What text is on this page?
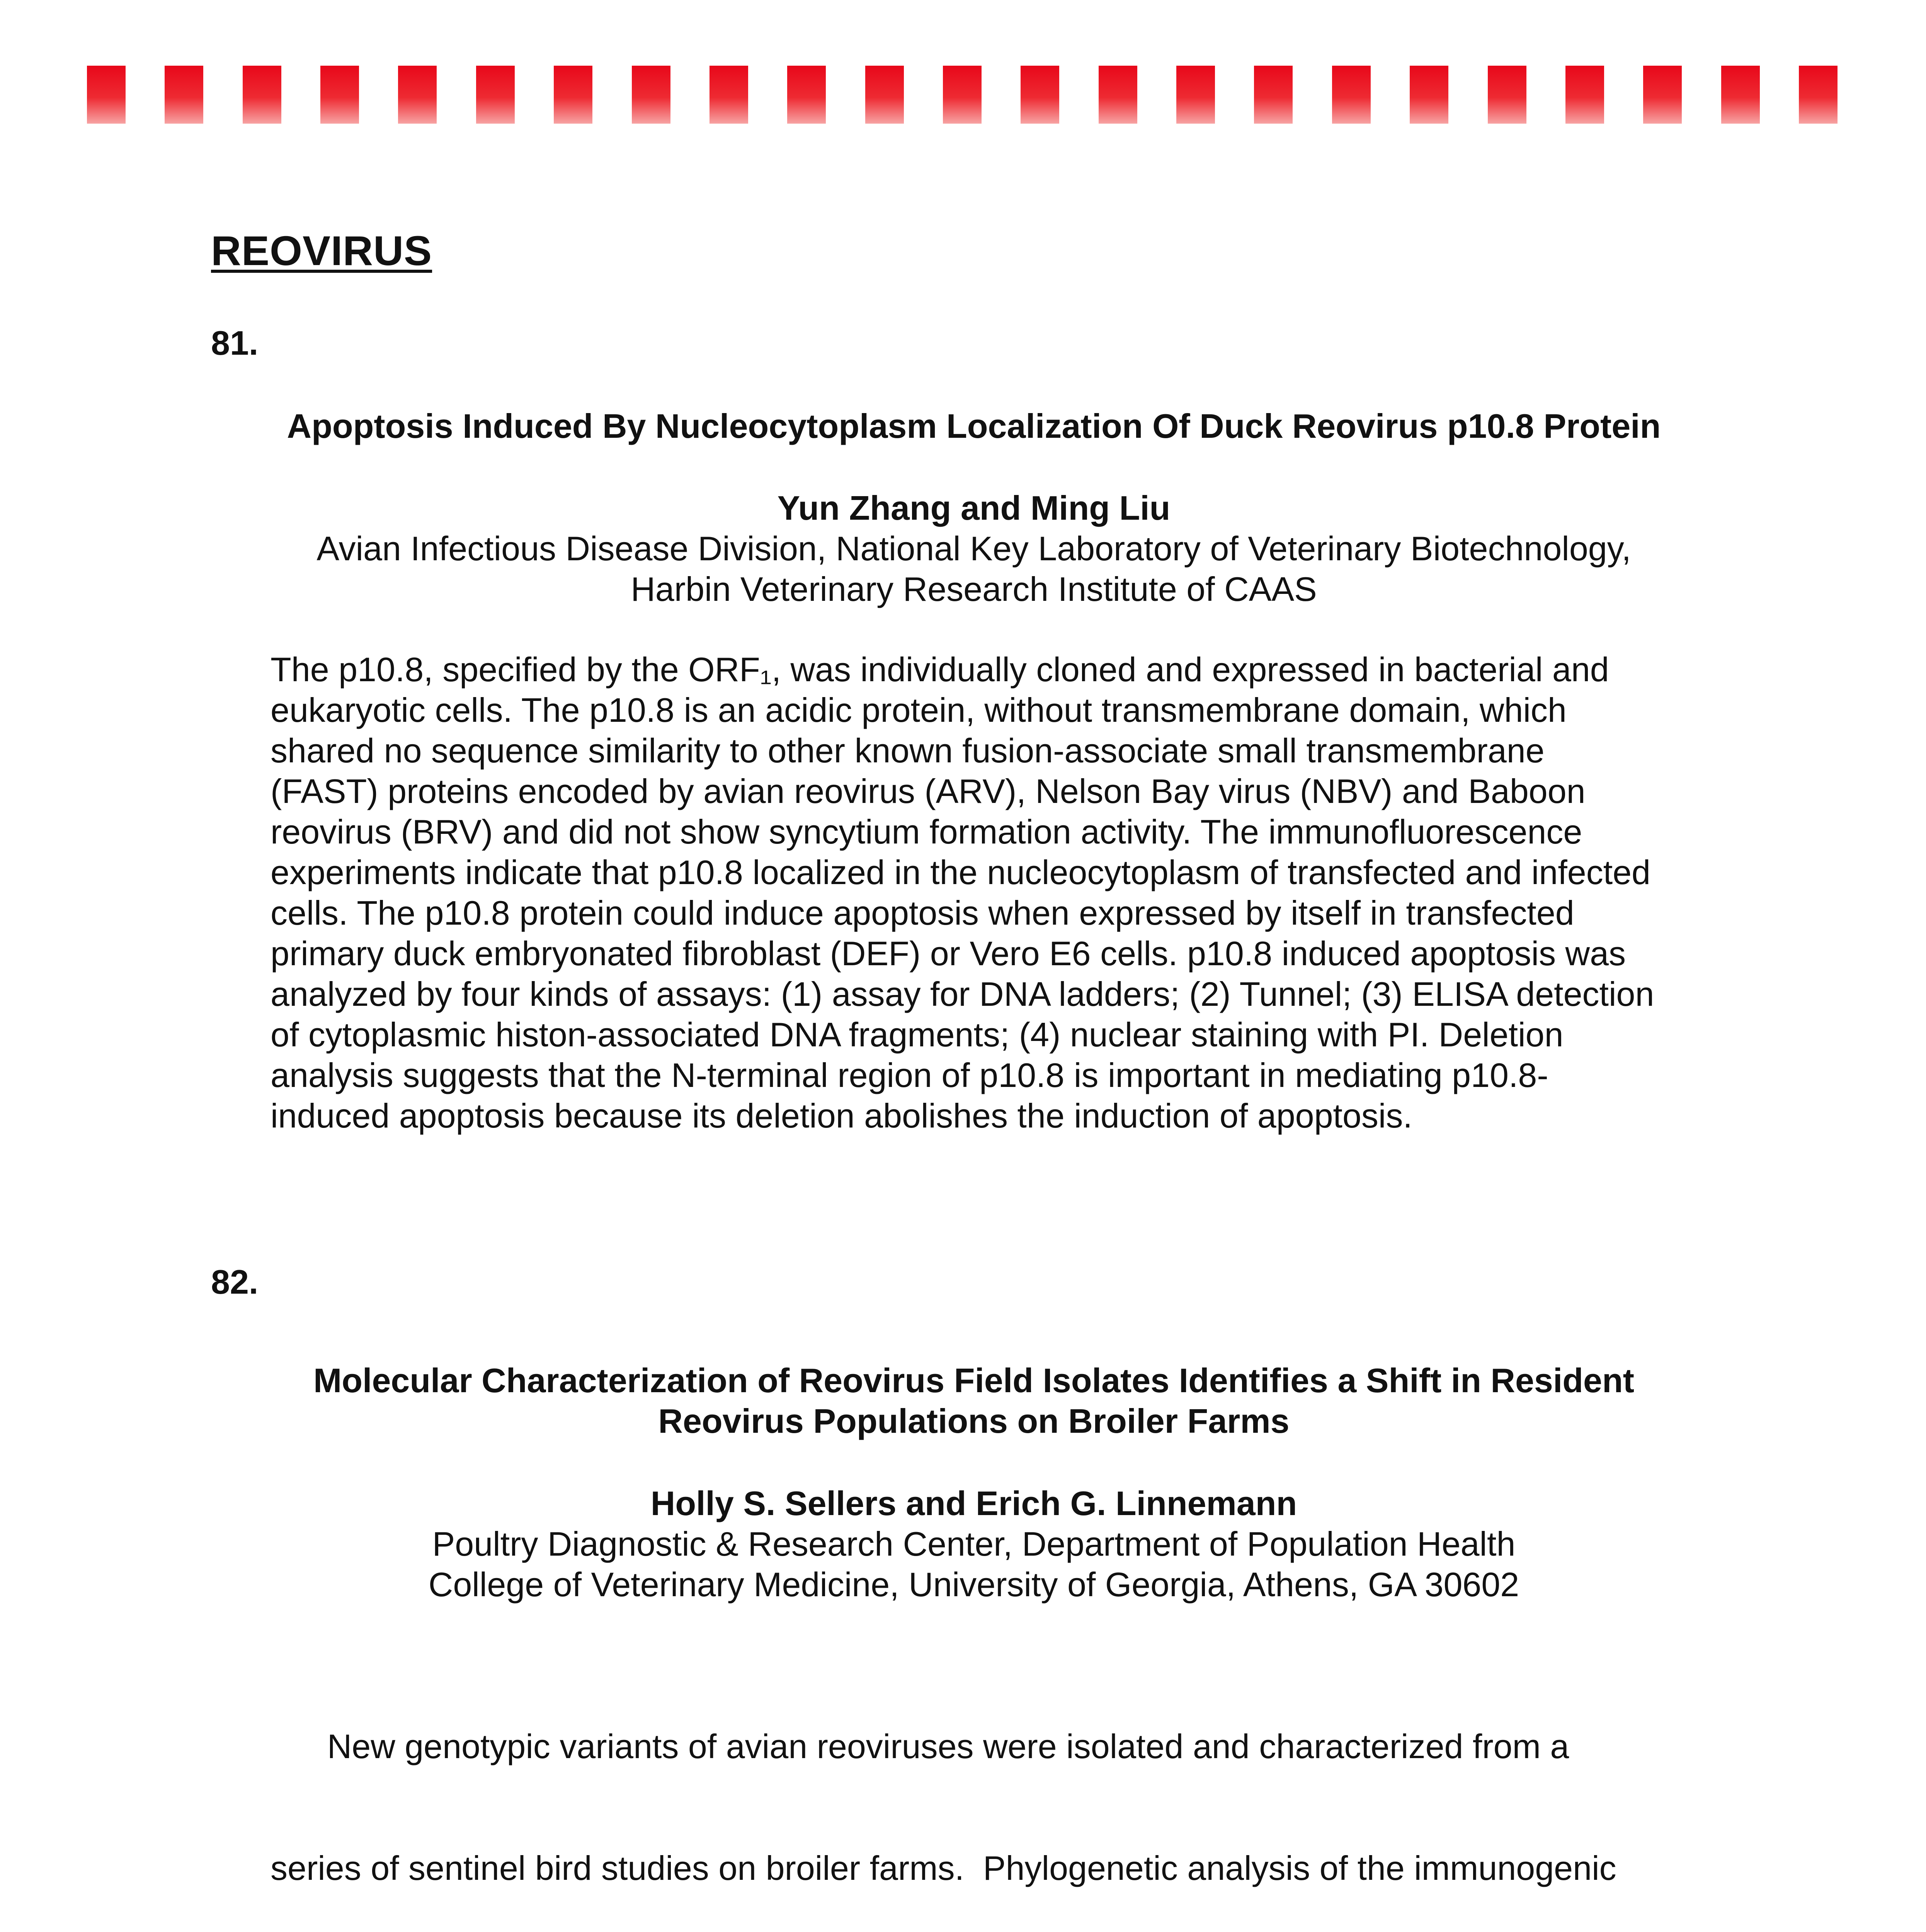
REOVIRUS
81.
Apoptosis Induced By Nucleocytoplasm Localization Of Duck Reovirus p10.8 Protein
Yun Zhang and Ming Liu
Avian Infectious Disease Division, National Key Laboratory of Veterinary Biotechnology,
Harbin Veterinary Research Institute of CAAS
The p10.8, specified by the ORF₁, was individually cloned and expressed in bacterial and
eukaryotic cells. The p10.8 is an acidic protein, without transmembrane domain, which
shared no sequence similarity to other known fusion-associate small transmembrane
(FAST) proteins encoded by avian reovirus (ARV), Nelson Bay virus (NBV) and Baboon
reovirus (BRV) and did not show syncytium formation activity. The immunofluorescence
experiments indicate that p10.8 localized in the nucleocytoplasm of transfected and infected
cells. The p10.8 protein could induce apoptosis when expressed by itself in transfected
primary duck embryonated fibroblast (DEF) or Vero E6 cells. p10.8 induced apoptosis was
analyzed by four kinds of assays: (1) assay for DNA ladders; (2) Tunnel; (3) ELISA detection
of cytoplasmic histon-associated DNA fragments; (4) nuclear staining with PI. Deletion
analysis suggests that the N-terminal region of p10.8 is important in mediating p10.8-
induced apoptosis because its deletion abolishes the induction of apoptosis.
82.
Molecular Characterization of Reovirus Field Isolates Identifies a Shift in Resident
Reovirus Populations on Broiler Farms
Holly S. Sellers and Erich G. Linnemann
Poultry Diagnostic & Research Center, Department of Population Health
College of Veterinary Medicine, University of Georgia, Athens, GA 30602

New genotypic variants of avian reoviruses were isolated and characterized from a

series of sentinel bird studies on broiler farms.  Phylogenetic analysis of the immunogenic
